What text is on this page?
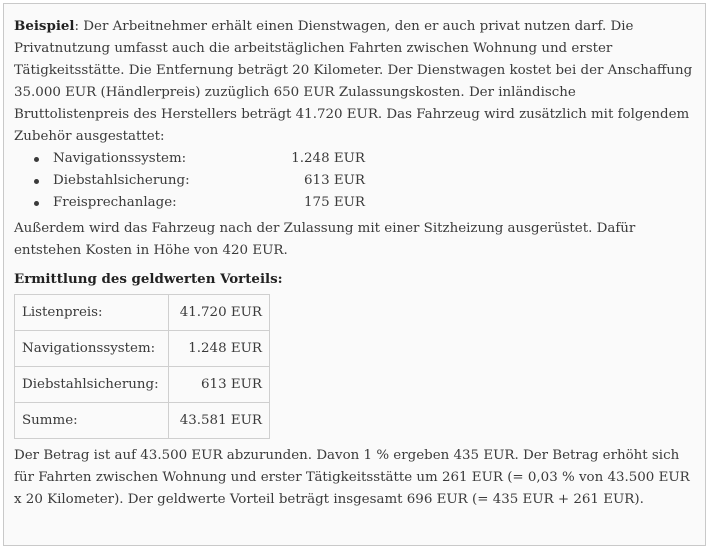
Beispiel: Der Arbeitnehmer erhält einen Dienstwagen, den er auch privat nutzen darf. Die Privatnutzung umfasst auch die arbeitstäglichen Fahrten zwischen Wohnung und erster Tätigkeitsstätte. Die Entfernung beträgt 20 Kilometer. Der Dienstwagen kostet bei der Anschaffung 35.000 EUR (Händlerpreis) zuzüglich 650 EUR Zulassungskosten. Der inländische Bruttolistenpreis des Herstellers beträgt 41.720 EUR. Das Fahrzeug wird zusätzlich mit folgendem Zubehör ausgestattet:

Navigationssystem:	1.248 EUR
Diebstahlsicherung:	613 EUR
Freisprechanlage:	175 EUR

Außerdem wird das Fahrzeug nach der Zulassung mit einer Sitzheizung ausgerüstet. Dafür entstehen Kosten in Höhe von 420 EUR.

Ermittlung des geldwerten Vorteils:
Listenpreis:	41.720 EUR
Navigationssystem:	1.248 EUR
Diebstahlsicherung:	613 EUR
Summe:	43.581 EUR

Der Betrag ist auf 43.500 EUR abzurunden. Davon 1 % ergeben 435 EUR. Der Betrag erhöht sich für Fahrten zwischen Wohnung und erster Tätigkeitsstätte um 261 EUR (= 0,03 % von 43.500 EUR x 20 Kilometer). Der geldwerte Vorteil beträgt insgesamt 696 EUR (= 435 EUR + 261 EUR).
